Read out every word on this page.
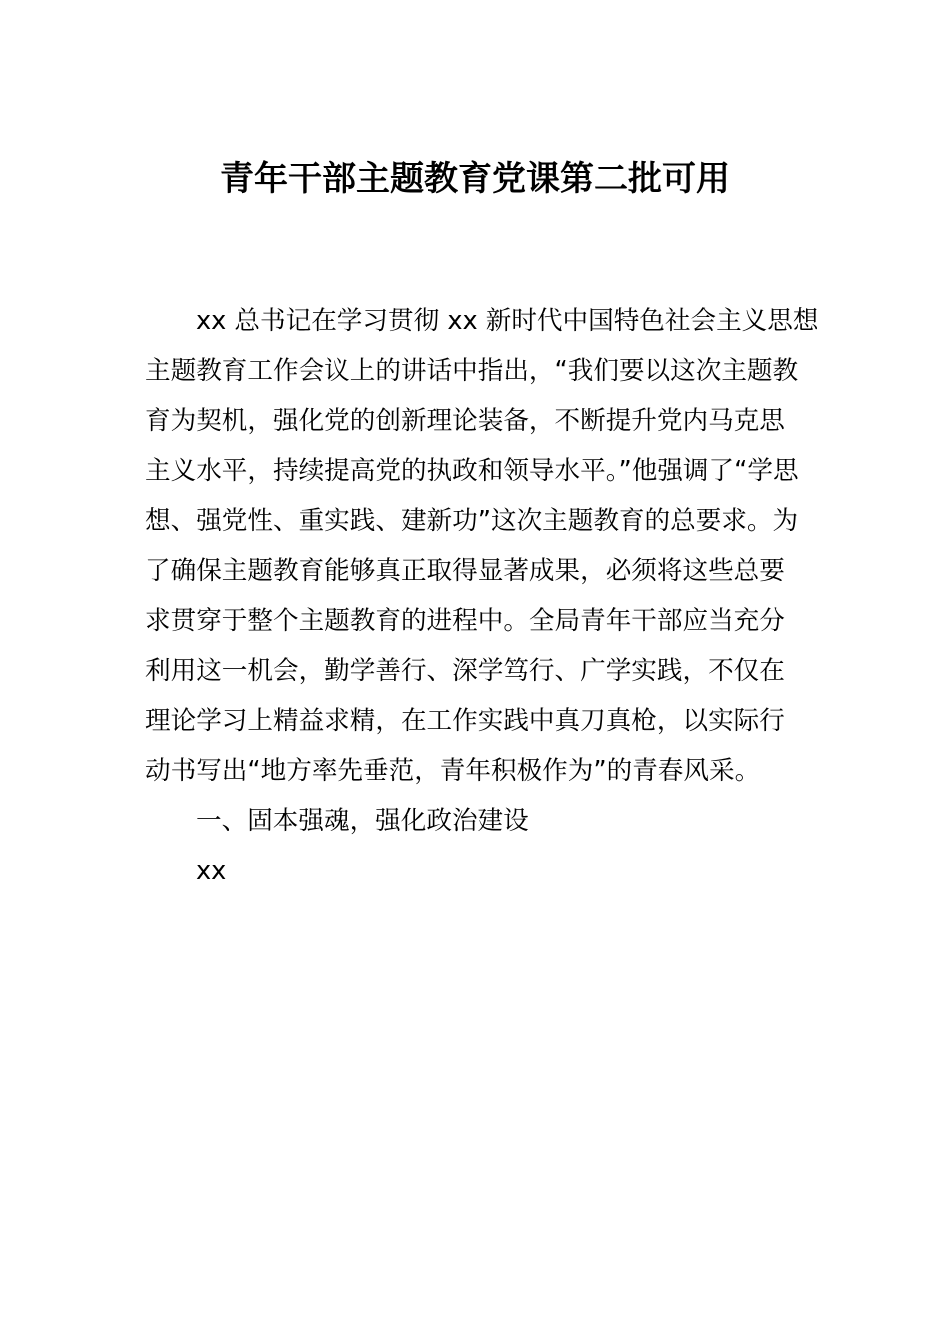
青年干部主题教育党课第二批可用
xx 总书记在学习贯彻 xx 新时代中国特色社会主义思想
主题教育工作会议上的讲话中指出，“我们要以这次主题教
育为契机，强化党的创新理论装备，不断提升党内马克思
主义水平，持续提高党的执政和领导水平。”他强调了“学思
想、强党性、重实践、建新功”这次主题教育的总要求。为
了确保主题教育能够真正取得显著成果，必须将这些总要
求贯穿于整个主题教育的进程中。全局青年干部应当充分
利用这一机会，勤学善行、深学笃行、广学实践，不仅在
理论学习上精益求精，在工作实践中真刀真枪，以实际行
动书写出“地方率先垂范，青年积极作为”的青春风采。
一、固本强魂，强化政治建设
xx
